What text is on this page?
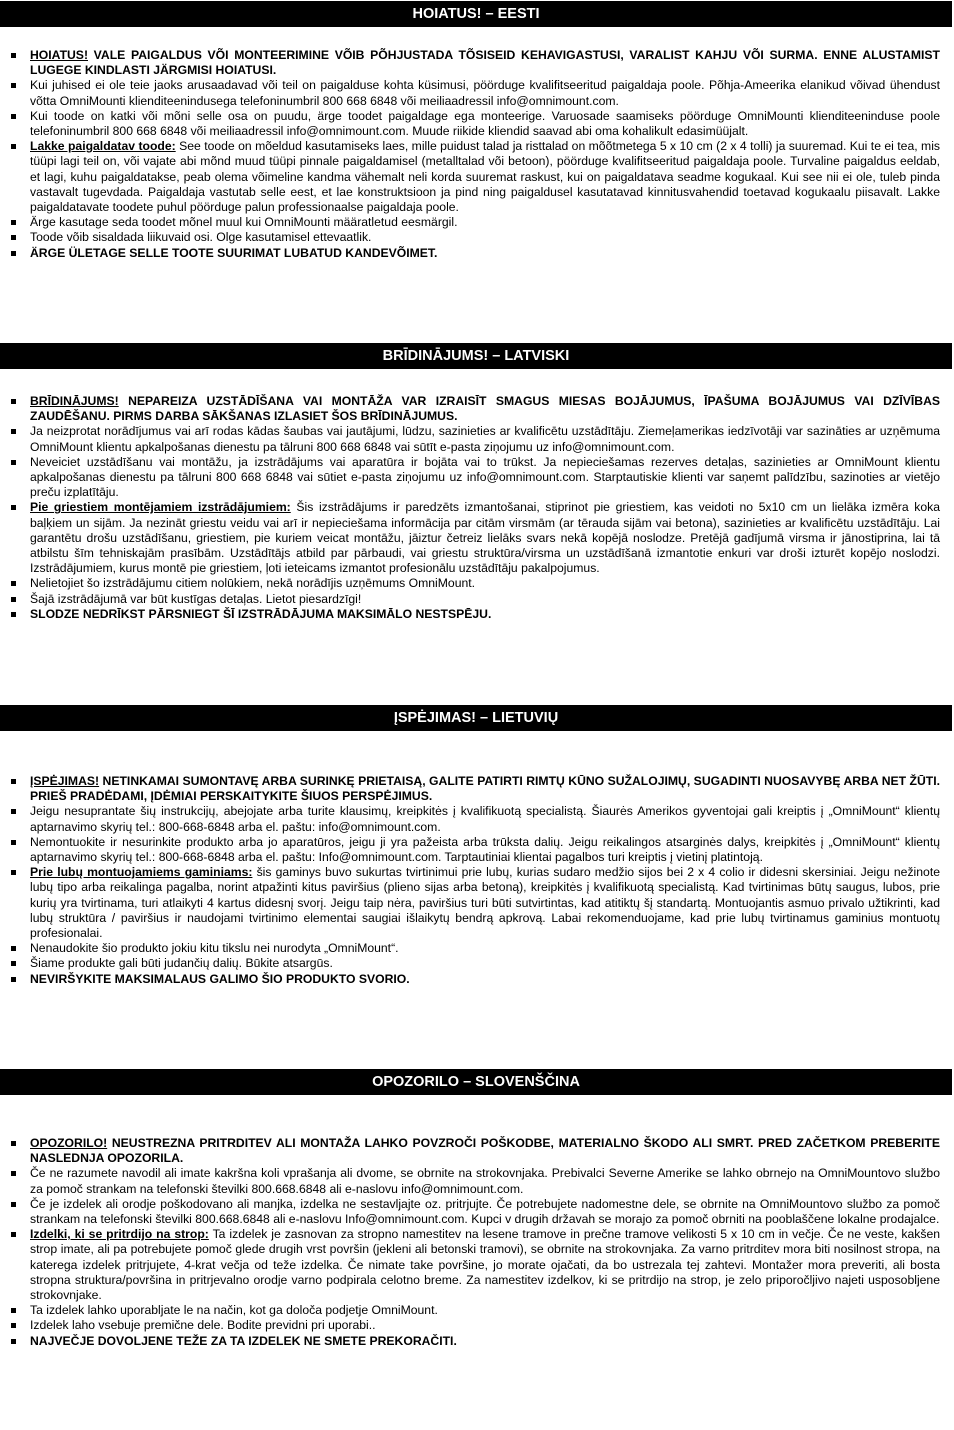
HOIATUS! – EESTI
HOIATUS! VALE PAIGALDUS VÕI MONTEERIMINE VÕIB PÕHJUSTADA TÕSISEID KEHAVIGASTUSI, VARALIST KAHJU VÕI SURMA. ENNE ALUSTAMIST LUGEGE KINDLASTI JÄRGMISI HOIATUSI.
Kui juhised ei ole teie jaoks arusaadavad või teil on paigalduse kohta küsimusi, pöörduge kvalifitseeritud paigaldaja poole. Põhja-Ameerika elanikud võivad ühendust võtta OmniMounti klienditeenindusega telefoninumbril 800 668 6848 või meiliaadressil info@omnimount.com.
Kui toode on katki või mõni selle osa on puudu, ärge toodet paigaldage ega monteerige. Varuosade saamiseks pöörduge OmniMounti klienditeeninduse poole telefoninumbril 800 668 6848 või meiliaadressil info@omnimount.com. Muude riikide kliendid saavad abi oma kohalikult edasimüüjalt.
Lakke paigaldatav toode: See toode on mõeldud kasutamiseks laes, mille puidust talad ja risttalad on mõõtmetega 5 x 10 cm (2 x 4 tolli) ja suuremad. Kui te ei tea, mis tüüpi lagi teil on, või vajate abi mõnd muud tüüpi pinnale paigaldamisel (metalltalad või betoon), pöörduge kvalifitseeritud paigaldaja poole. Turvaline paigaldus eeldab, et lagi, kuhu paigaldatakse, peab olema võimeline kandma vähemalt neli korda suuremat raskust, kui on paigaldatava seadme kogukaal. Kui see nii ei ole, tuleb pinda vastavalt tugevdada. Paigaldaja vastutab selle eest, et lae konstruktsioon ja pind ning paigaldusel kasutatavad kinnitusvahendid toetavad kogukaalu piisavalt. Lakke paigaldatavate toodete puhul pöörduge palun professionaalse paigaldaja poole.
Ärge kasutage seda toodet mõnel muul kui OmniMounti määratletud eesmärgil.
Toode võib sisaldada liikuvaid osi. Olge kasutamisel ettevaatlik.
ÄRGE ÜLETAGE SELLE TOOTE SUURIMAT LUBATUD KANDEVÕIMET.
BRĪDINĀJUMS! – LATVISKI
BRĪDINĀJUMS! NEPAREIZA UZSTĀDĪŠANA VAI MONTĀŽA VAR IZRAISĪT SMAGUS MIESAS BOJĀJUMUS, ĪPAŠUMA BOJĀJUMUS VAI DZĪVĪBAS ZAUDĒŠANU. PIRMS DARBA SĀKŠANAS IZLASIET ŠOS BRĪDINĀJUMUS.
Ja neizprotat norādījumus vai arī rodas kādas šaubas vai jautājumi, lūdzu, sazinieties ar kvalificētu uzstādītāju. Ziemeļamerikas iedzīvotāji var sazināties ar uzņēmuma OmniMount klientu apkalpošanas dienestu pa tālruni 800 668 6848 vai sūtīt e-pasta ziņojumu uz info@omnimount.com.
Neveiciet uzstādīšanu vai montāžu, ja izstrādājums vai aparatūra ir bojāta vai to trūkst. Ja nepieciešamas rezerves detaļas, sazinieties ar OmniMount klientu apkalpošanas dienestu pa tālruni 800 668 6848 vai sūtiet e-pasta ziņojumu uz info@omnimount.com. Starptautiskie klienti var saņemt palīdzību, sazinoties ar vietējo preču izplatītāju.
Pie griestiem montējamiem izstrādājumiem: Šis izstrādājums ir paredzēts izmantošanai, stiprinot pie griestiem, kas veidoti no 5x10 cm un lielāka izmēra koka baļķiem un sijām. Ja nezināt griestu veidu vai arī ir nepieciešama informācija par citām virsmām (ar tērauda sijām vai betona), sazinieties ar kvalificētu uzstādītāju. Lai garantētu drošu uzstādīšanu, griestiem, pie kuriem veicat montāžu, jāiztur četreiz lielāks svars nekā kopējā noslodze. Pretējā gadījumā virsma ir jānostiprina, lai tā atbilstu šīm tehniskajām prasībām. Uzstādītājs atbild par pārbaudi, vai griestu struktūra/virsma un uzstādīšanā izmantotie enkuri var droši izturēt kopējo noslodzi. Izstrādājumiem, kurus montē pie griestiem, ļoti ieteicams izmantot profesionālu uzstādītāju pakalpojumus.
Nelietojiet šo izstrādājumu citiem nolūkiem, nekā norādījis uzņēmums OmniMount.
Šajā izstrādājumā var būt kustīgas detaļas. Lietot piesardzīgi!
SLODZE NEDRĪKST PĀRSNIEGT ŠĪ IZSTRĀDĀJUMA MAKSIMĀLO NESTSPĒJU.
ĮSPĖJIMAS! – LIETUVIŲ
ĮSPĖJIMAS! NETINKAMAI SUMONTAVĘ ARBA SURINKĘ PRIETAISĄ, GALITE PATIRTI RIMTŲ KŪNO SUŽALOJIMŲ, SUGADINTI NUOSAVYBĘ ARBA NET ŽŪTI. PRIEŠ PRADĖDAMI, ĮDĖMIAI PERSKAITYKITE ŠIUOS PERSPĖJIMUS.
Jeigu nesuprantate šių instrukcijų, abejojate arba turite klausimų, kreipkitės į kvalifikuotą specialistą. Šiaurės Amerikos gyventojai gali kreiptis į „OmniMount“ klientų aptarnavimo skyrių tel.: 800-668-6848 arba el. paštu: info@omnimount.com.
Nemontuokite ir nesurinkite produkto arba jo aparatūros, jeigu ji yra pažeista arba trūksta dalių. Jeigu reikalingos atsarginės dalys, kreipkitės į „OmniMount“ klientų aptarnavimo skyrių tel.: 800-668-6848 arba el. paštu: Info@omnimount.com. Tarptautiniai klientai pagalbos turi kreiptis į vietinį platintoją.
Prie lubų montuojamiems gaminiams: šis gaminys buvo sukurtas tvirtinimui prie lubų, kurias sudaro medžio sijos bei 2 x 4 colio ir didesni skersiniai. Jeigu nežinote lubų tipo arba reikalinga pagalba, norint atpažinti kitus paviršius (plieno sijas arba betoną), kreipkitės į kvalifikuotą specialistą. Kad tvirtinimas būtų saugus, lubos, prie kurių yra tvirtinama, turi atlaikyti 4 kartus didesnį svorį. Jeigu taip nėra, paviršius turi būti sutvirtintas, kad atitiktų šį standartą. Montuojantis asmuo privalo užtikrinti, kad lubų struktūra / paviršius ir naudojami tvirtinimo elementai saugiai išlaikytų bendrą apkrovą. Labai rekomenduojame, kad prie lubų tvirtinamus gaminius montuotų profesionalai.
Nenaudokite šio produkto jokiu kitu tikslu nei nurodyta „OmniMount“.
Šiame produkte gali būti judančių dalių. Būkite atsargūs.
NEVIRŠYKITE MAKSIMALAUS GALIMO ŠIO PRODUKTO SVORIO.
OPOZORILO – SLOVENŠČINA
OPOZORILO! NEUSTREZNA PRITRDITEV ALI MONTAŽA LAHKO POVZROČI POŠKODBE, MATERIALNO ŠKODO ALI SMRT. PRED ZAČETKOM PREBERITE NASLEDNJA OPOZORILA.
Če ne razumete navodil ali imate kakršna koli vprašanja ali dvome, se obrnite na strokovnjaka. Prebivalci Severne Amerike se lahko obrnejo na OmniMountovo službo za pomoč strankam na telefonski številki 800.668.6848 ali e-naslovu info@omnimount.com.
Če je izdelek ali orodje poškodovano ali manjka, izdelka ne sestavljajte oz. pritrjujte. Če potrebujete nadomestne dele, se obrnite na OmniMountovo službo za pomoč strankam na telefonski številki 800.668.6848 ali e-naslovu Info@omnimount.com. Kupci v drugih državah se morajo za pomoč obrniti na pooblaščene lokalne prodajalce.
Izdelki, ki se pritrdijo na strop: Ta izdelek je zasnovan za stropno namestitev na lesene tramove in prečne tramove velikosti 5 x 10 cm in večje. Če ne veste, kakšen strop imate, ali pa potrebujete pomoč glede drugih vrst površin (jekleni ali betonski tramovi), se obrnite na strokovnjaka. Za varno pritrditev mora biti nosilnost stropa, na katerega izdelek pritrjujete, 4-krat večja od teže izdelka. Če nimate take površine, jo morate ojačati, da bo ustrezala tej zahtevi. Montažer mora preveriti, ali bosta stropna struktura/površina in pritrjevalno orodje varno podpirala celotno breme. Za namestitev izdelkov, ki se pritrdijo na strop, je zelo priporočljivo najeti usposobljene strokovnjake.
Ta izdelek lahko uporabljate le na način, kot ga določa podjetje OmniMount.
Izdelek laho vsebuje premične dele. Bodite previdni pri uporabi..
NAJVEČJE DOVOLJENE TEŽE ZA TA IZDELEK NE SMETE PREKORAČITI.
